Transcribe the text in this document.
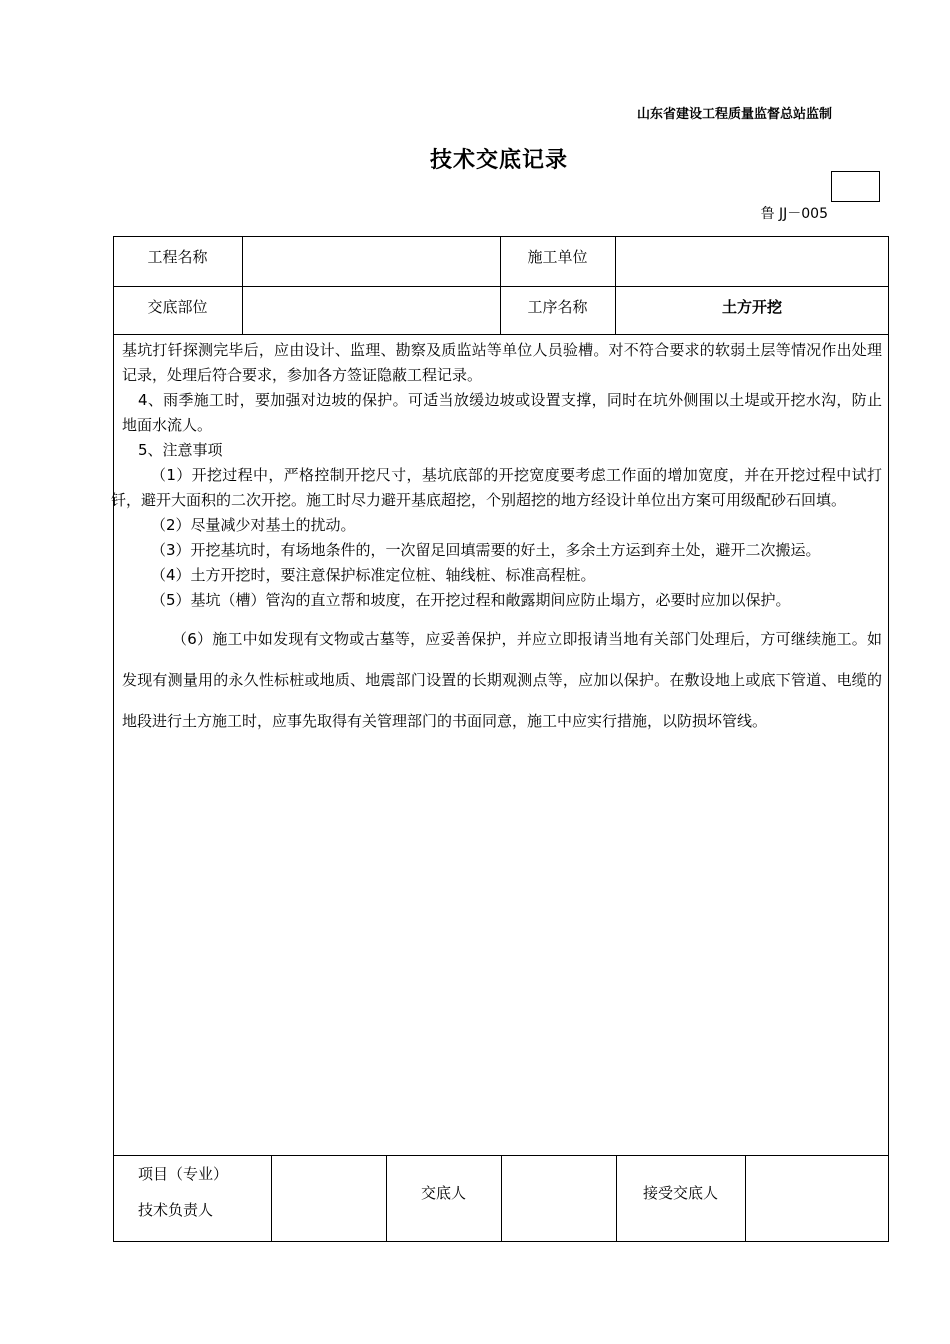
山东省建设工程质量监督总站监制
技术交底记录
鲁 JJ－005
工程名称	施工单位
交底部位	工序名称	土方开挖

基坑打钎探测完毕后，应由设计、监理、勘察及质监站等单位人员验槽。对不符合要求的软弱土层等情况作出处理记录，处理后符合要求，参加各方签证隐蔽工程记录。

4、雨季施工时，要加强对边坡的保护。可适当放缓边坡或设置支撑，同时在坑外侧围以土堤或开挖水沟，防止地面水流人。

5、注意事项

（1）开挖过程中，严格控制开挖尺寸，基坑底部的开挖宽度要考虑工作面的增加宽度，并在开挖过程中试打钎，避开大面积的二次开挖。施工时尽力避开基底超挖，个别超挖的地方经设计单位出方案可用级配砂石回填。

（2）尽量减少对基土的扰动。

（3）开挖基坑时，有场地条件的，一次留足回填需要的好土，多余土方运到弃土处，避开二次搬运。

（4）土方开挖时，要注意保护标准定位桩、轴线桩、标准高程桩。

（5）基坑（槽）管沟的直立帮和坡度，在开挖过程和敞露期间应防止塌方，必要时应加以保护。

（6）施工中如发现有文物或古墓等，应妥善保护，并应立即报请当地有关部门处理后，方可继续施工。如发现有测量用的永久性标桩或地质、地震部门设置的长期观测点等，应加以保护。在敷设地上或底下管道、电缆的地段进行土方施工时，应事先取得有关管理部门的书面同意，施工中应实行措施，以防损坏管线。

项目（专业）
技术负责人
交底人	接受交底人
